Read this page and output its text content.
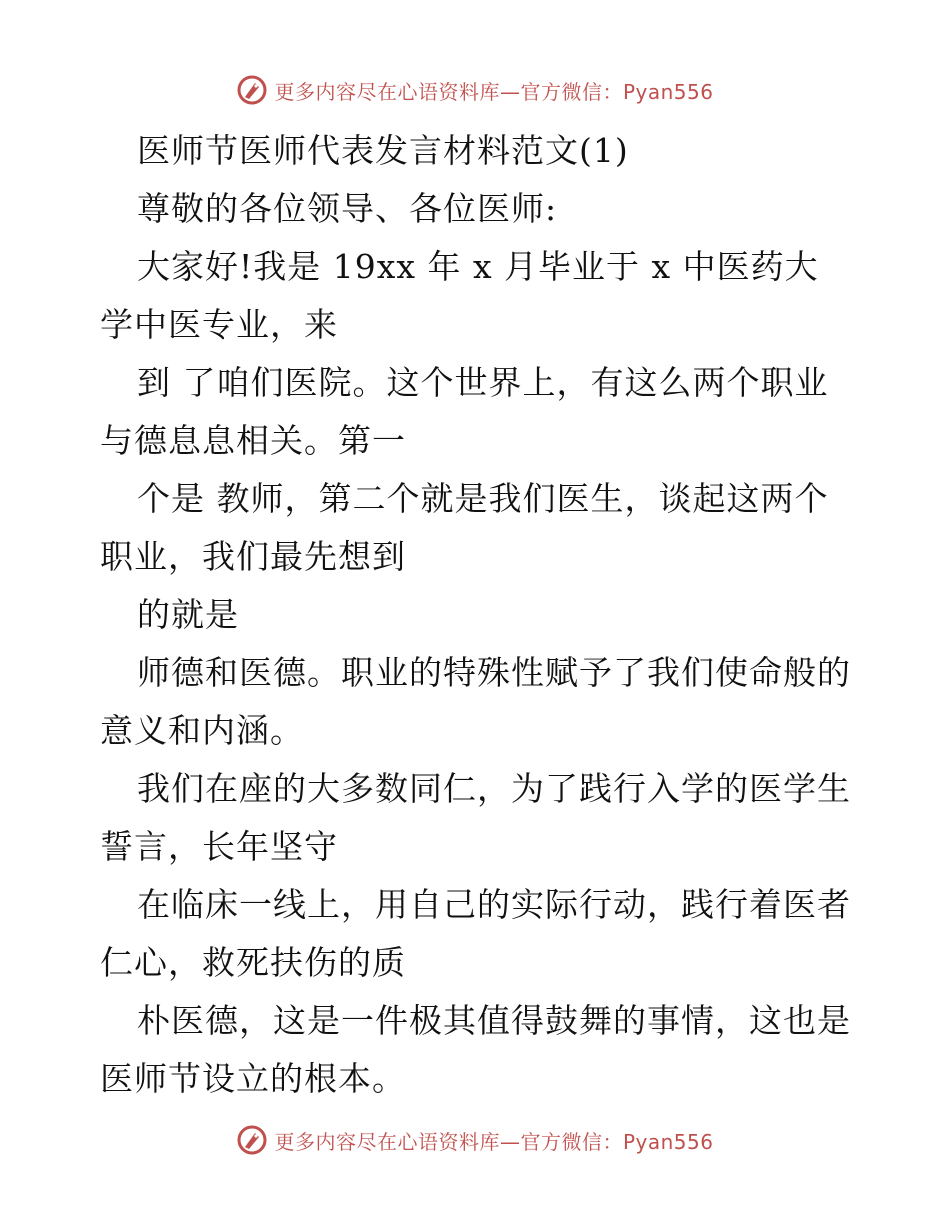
更多内容尽在心语资料库—官方微信：Pyan556
医师节医师代表发言材料范文(1)
尊敬的各位领导、各位医师:
大家好!我是 19xx 年 x 月毕业于 x 中医药大
学中医专业，来
到 了咱们医院。这个世界上，有这么两个职业
与德息息相关。第一
个是 教师，第二个就是我们医生，谈起这两个
职业，我们最先想到
的就是
师德和医德。职业的特殊性赋予了我们使命般的
意义和内涵。
我们在座的大多数同仁，为了践行入学的医学生
誓言，长年坚守
在临床一线上，用自己的实际行动，践行着医者
仁心，救死扶伤的质
朴医德，这是一件极其值得鼓舞的事情，这也是
医师节设立的根本。
更多内容尽在心语资料库—官方微信：Pyan556
